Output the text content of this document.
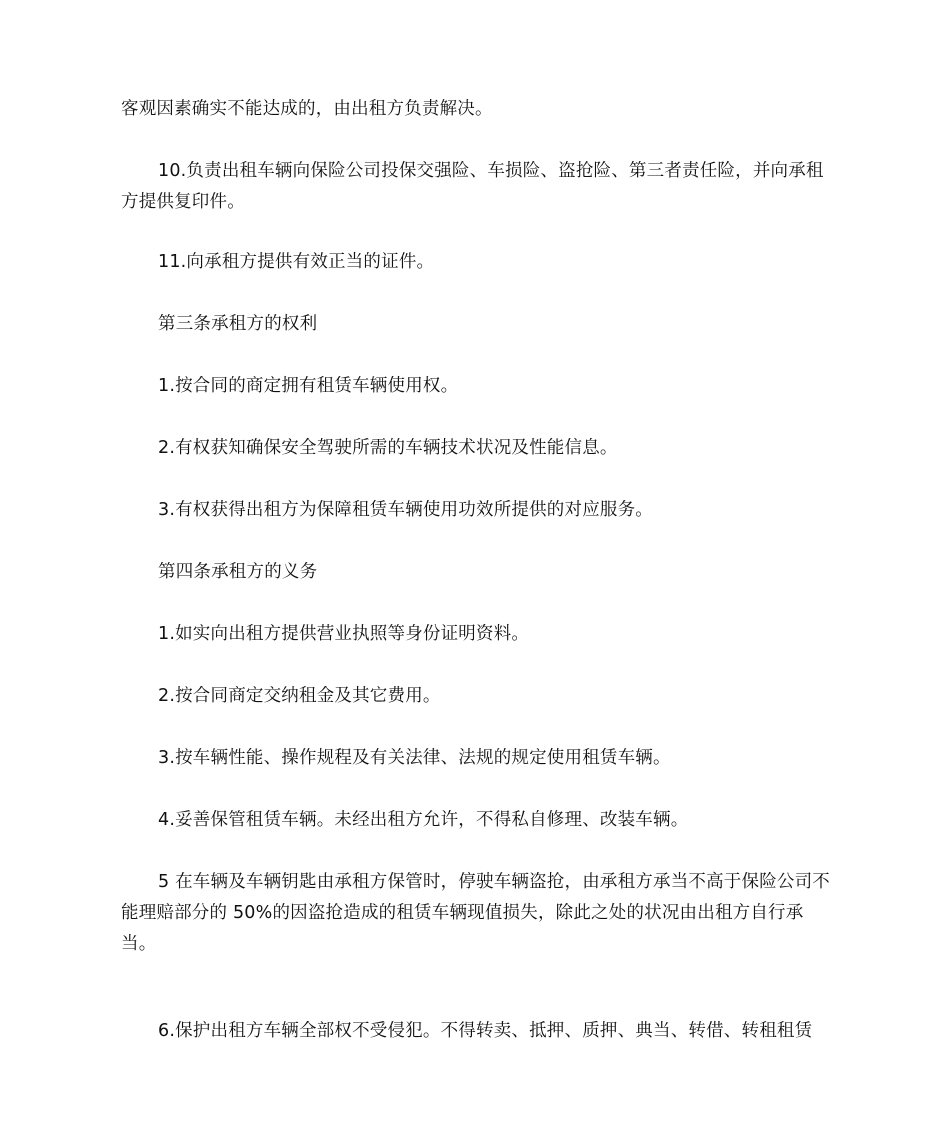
客观因素确实不能达成的，由出租方负责解决。

10.负责出租车辆向保险公司投保交强险、车损险、盗抢险、第三者责任险，并向承租方提供复印件。

11.向承租方提供有效正当的证件。

第三条承租方的权利

1.按合同的商定拥有租赁车辆使用权。

2.有权获知确保安全驾驶所需的车辆技术状况及性能信息。

3.有权获得出租方为保障租赁车辆使用功效所提供的对应服务。

第四条承租方的义务

1.如实向出租方提供营业执照等身份证明资料。

2.按合同商定交纳租金及其它费用。

3.按车辆性能、操作规程及有关法律、法规的规定使用租赁车辆。

4.妥善保管租赁车辆。未经出租方允许，不得私自修理、改装车辆。

5 在车辆及车辆钥匙由承租方保管时，停驶车辆盗抢，由承租方承当不高于保险公司不能理赔部分的 50%的因盗抢造成的租赁车辆现值损失，除此之处的状况由出租方自行承当。

6.保护出租方车辆全部权不受侵犯。不得转卖、抵押、质押、典当、转借、转租租赁
